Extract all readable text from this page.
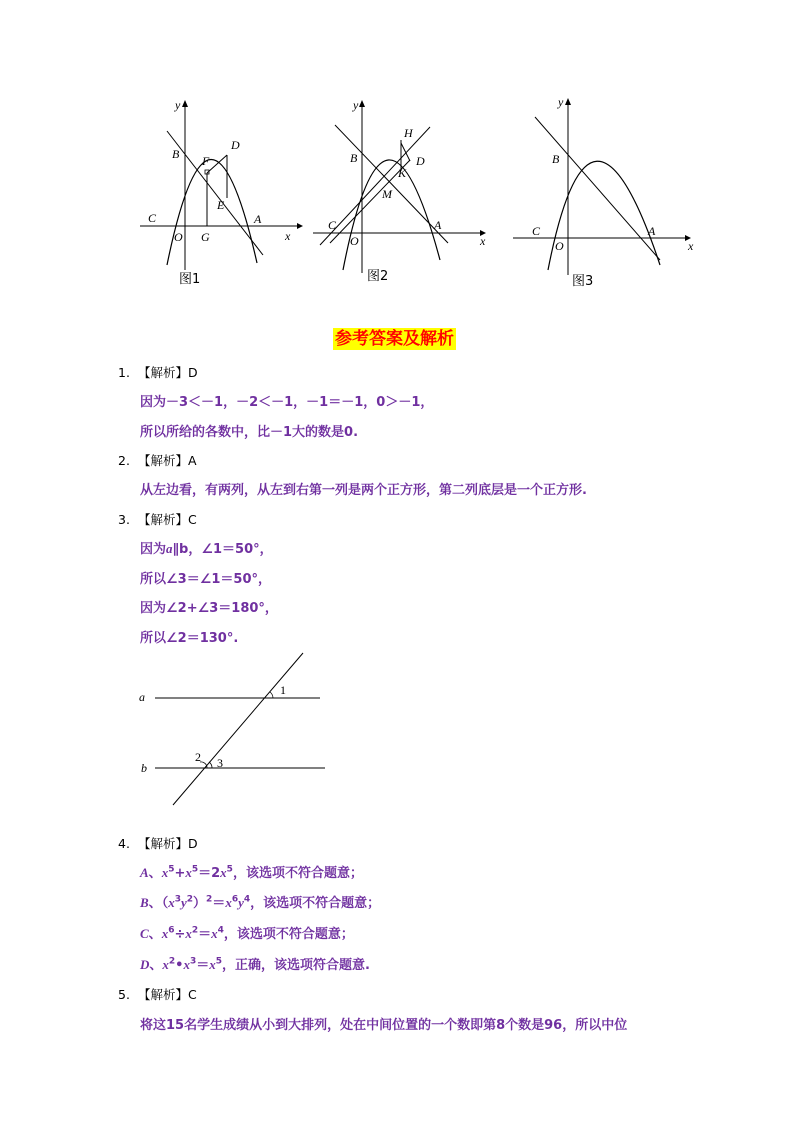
y
x
B F
D
E
C
O G
A
图1
y
x
H
B	D
K
M
C
O
A
图2
y
x
B
C
O
A
图3
参考答案及解析
1. 【解析】D
因为－3＜－1，－2＜－1，－1＝－1，0＞－1，
所以所给的各数中，比－1大的数是0.
2. 【解析】A
从左边看，有两列，从左到右第一列是两个正方形，第二列底层是一个正方形.
3. 【解析】C
因为a∥b，∠1＝50°，
所以∠3＝∠1＝50°，
因为∠2+∠3＝180°，
所以∠2＝130°.
a
b
1
2 3
4. 【解析】D
A、$x^5+x^5=2x^5$，该选项不符合题意；
B、$(x^3y^2)^2=x^6y^4$，该选项不符合题意；
C、$x^6\div x^2=x^4$，该选项不符合题意；
D、$x^2•x^3=x^5$，正确，该选项符合题意.
5. 【解析】C
将这15名学生成绩从小到大排列，处在中间位置的一个数即第8个数是96，所以中位
